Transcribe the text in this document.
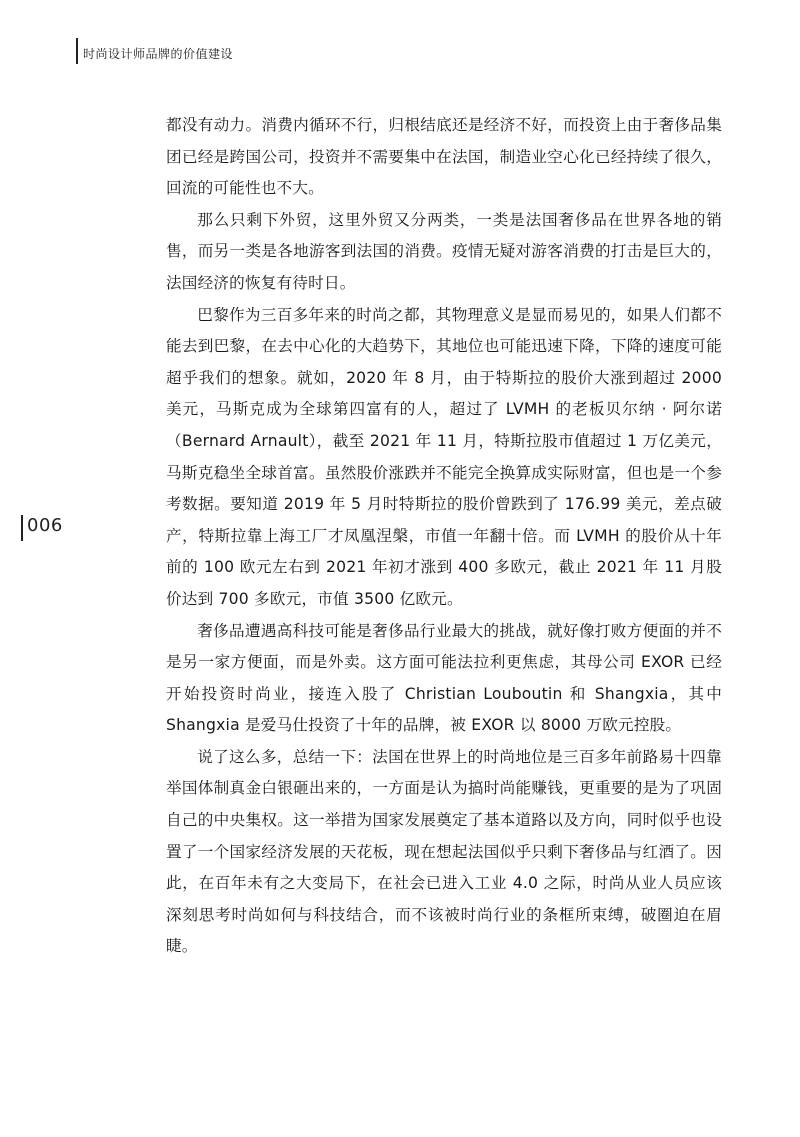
时尚设计师品牌的价值建设
006

都没有动力。消费内循环不行，归根结底还是经济不好，而投资上由于奢侈品集团已经是跨国公司，投资并不需要集中在法国，制造业空心化已经持续了很久，回流的可能性也不大。

那么只剩下外贸，这里外贸又分两类，一类是法国奢侈品在世界各地的销售，而另一类是各地游客到法国的消费。疫情无疑对游客消费的打击是巨大的，法国经济的恢复有待时日。

巴黎作为三百多年来的时尚之都，其物理意义是显而易见的，如果人们都不能去到巴黎，在去中心化的大趋势下，其地位也可能迅速下降，下降的速度可能超乎我们的想象。就如，2020 年 8 月，由于特斯拉的股价大涨到超过 2000 美元，马斯克成为全球第四富有的人，超过了 LVMH 的老板贝尔纳 · 阿尔诺（Bernard Arnault），截至 2021 年 11 月，特斯拉股市值超过 1 万亿美元，马斯克稳坐全球首富。虽然股价涨跌并不能完全换算成实际财富，但也是一个参考数据。要知道 2019 年 5 月时特斯拉的股价曾跌到了 176.99 美元，差点破产，特斯拉靠上海工厂才凤凰涅槃，市值一年翻十倍。而 LVMH 的股价从十年前的 100 欧元左右到 2021 年初才涨到 400 多欧元，截止 2021 年 11 月股价达到 700 多欧元，市值 3500 亿欧元。

奢侈品遭遇高科技可能是奢侈品行业最大的挑战，就好像打败方便面的并不是另一家方便面，而是外卖。这方面可能法拉利更焦虑，其母公司 EXOR 已经开始投资时尚业，接连入股了 Christian Louboutin 和 Shangxia，其中 Shangxia 是爱马仕投资了十年的品牌，被 EXOR 以 8000 万欧元控股。

说了这么多，总结一下：法国在世界上的时尚地位是三百多年前路易十四靠举国体制真金白银砸出来的，一方面是认为搞时尚能赚钱，更重要的是为了巩固自己的中央集权。这一举措为国家发展奠定了基本道路以及方向，同时似乎也设置了一个国家经济发展的天花板，现在想起法国似乎只剩下奢侈品与红酒了。因此，在百年未有之大变局下，在社会已进入工业 4.0 之际，时尚从业人员应该深刻思考时尚如何与科技结合，而不该被时尚行业的条框所束缚，破圈迫在眉睫。
